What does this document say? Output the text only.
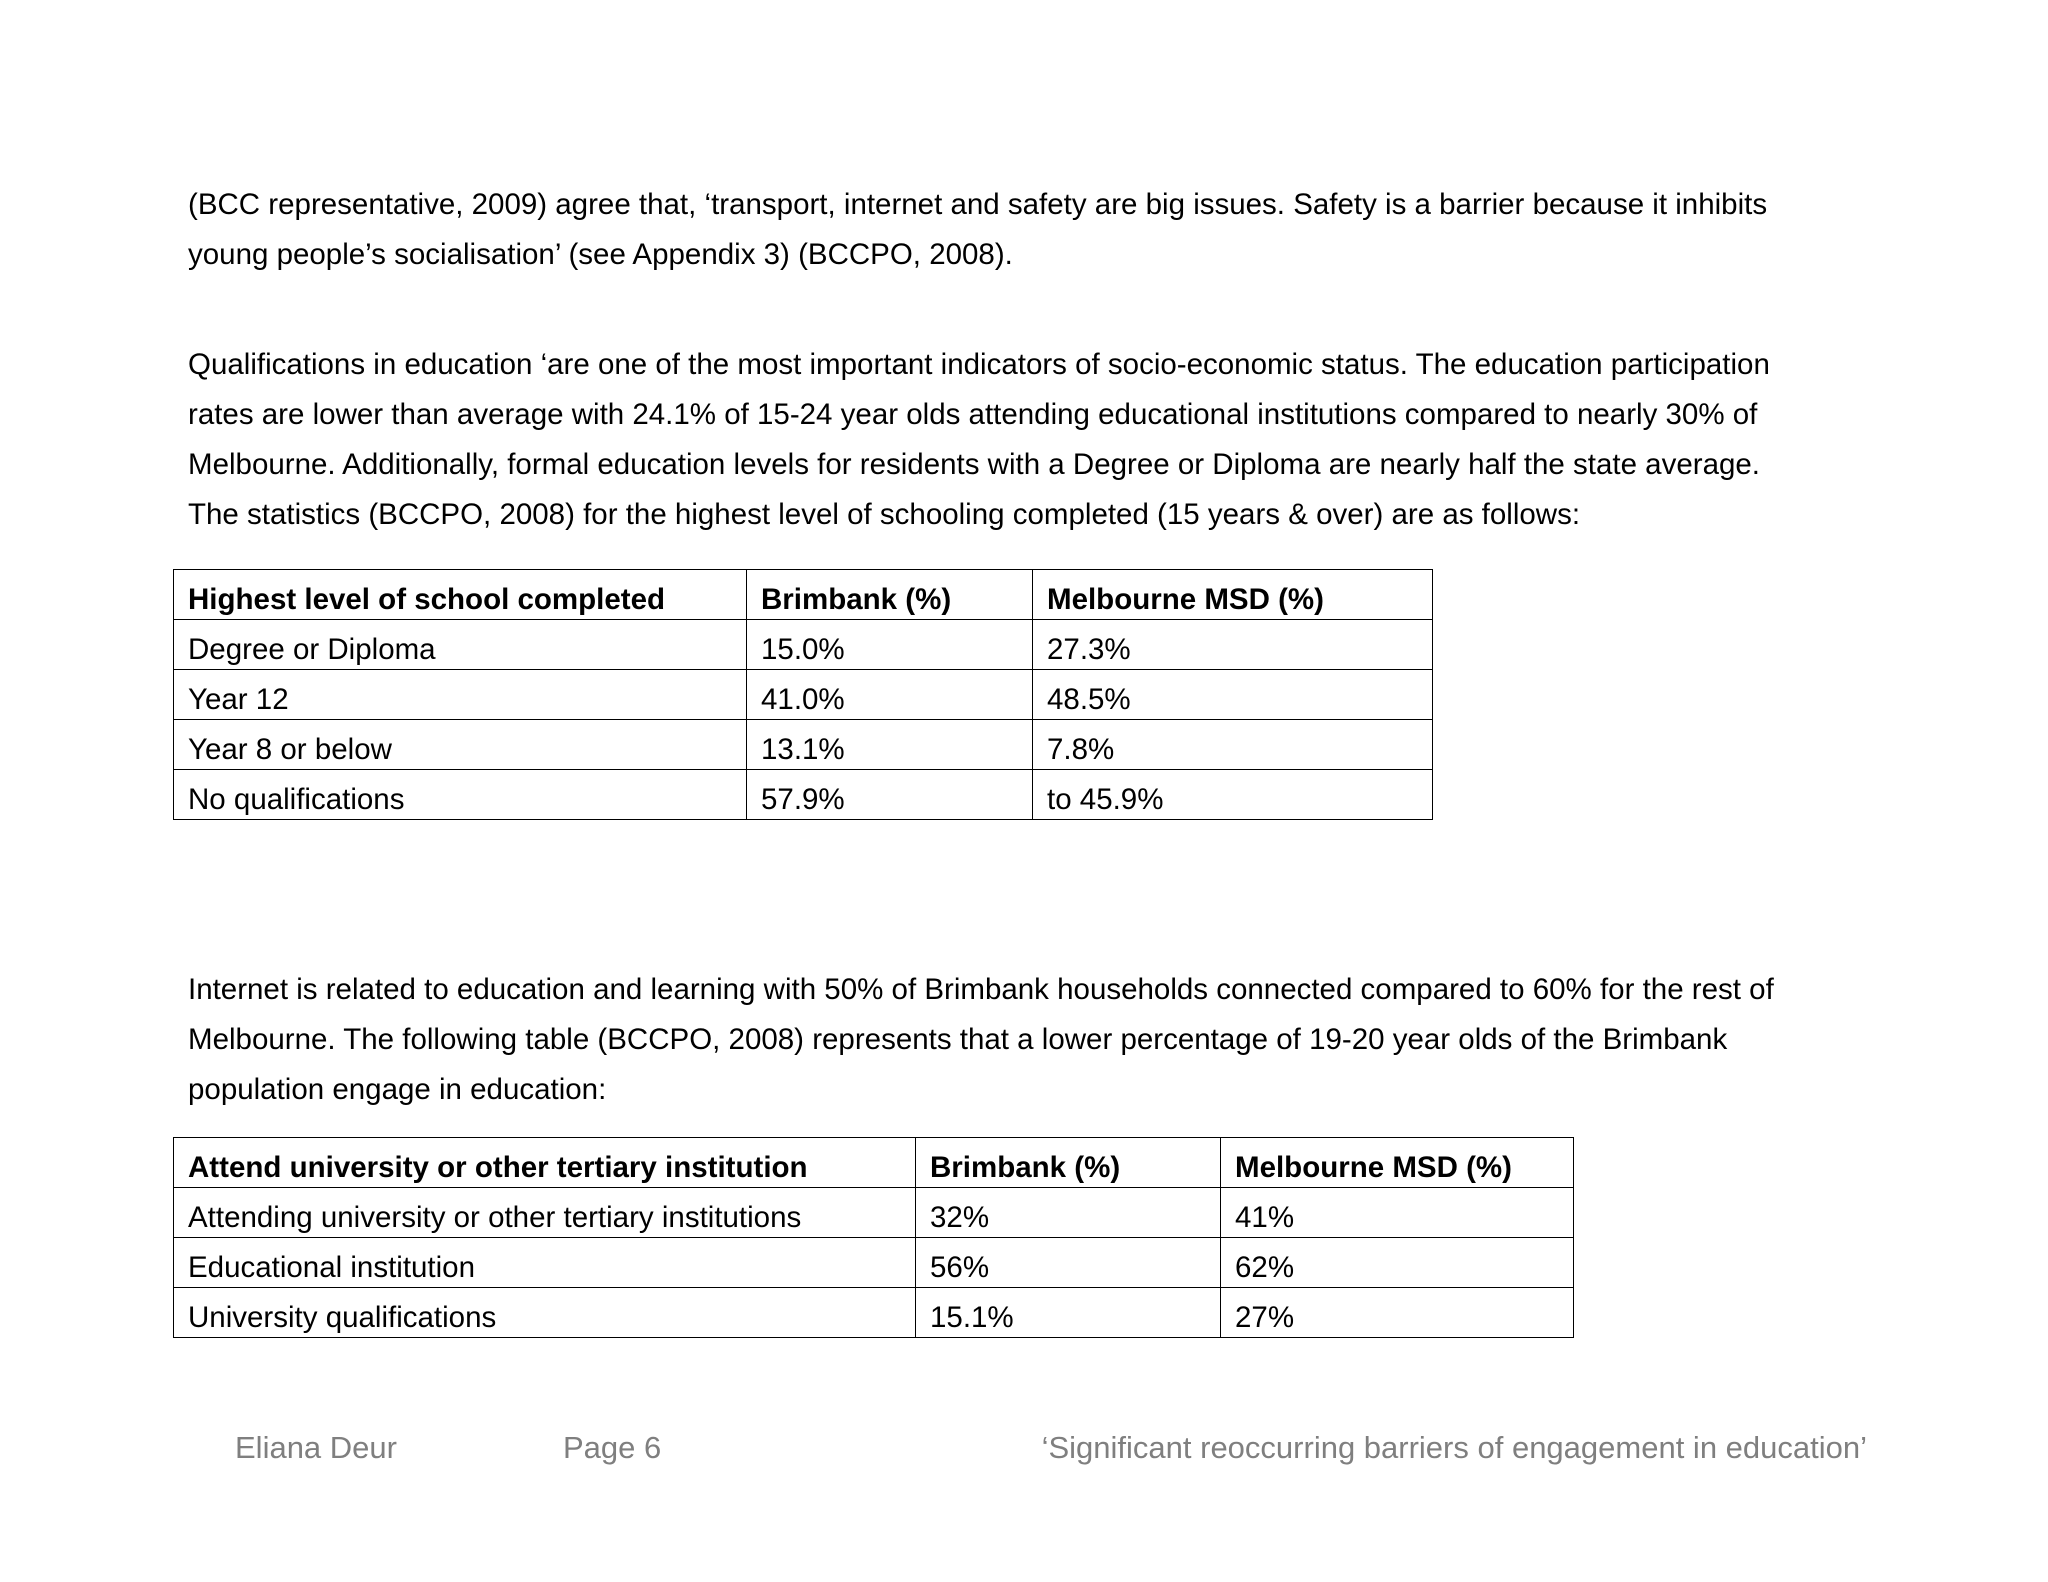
(BCC representative, 2009) agree that, ‘transport, internet and safety are big issues. Safety is a barrier because it inhibits
young people’s socialisation’ (see Appendix 3) (BCCPO, 2008).

Qualifications in education ‘are one of the most important indicators of socio-economic status. The education participation
rates are lower than average with 24.1% of 15-24 year olds attending educational institutions compared to nearly 30% of
Melbourne. Additionally, formal education levels for residents with a Degree or Diploma are nearly half the state average.
The statistics (BCCPO, 2008) for the highest level of schooling completed (15 years & over) are as follows:

Highest level of school completed	Brimbank (%)	Melbourne MSD (%)
Degree or Diploma	15.0%	27.3%
Year 12	41.0%	48.5%
Year 8 or below	13.1%	7.8%
No qualifications	57.9%	to 45.9%

Internet is related to education and learning with 50% of Brimbank households connected compared to 60% for the rest of
Melbourne. The following table (BCCPO, 2008) represents that a lower percentage of 19-20 year olds of the Brimbank
population engage in education:

Attend university or other tertiary institution	Brimbank (%)	Melbourne MSD (%)
Attending university or other tertiary institutions	32%	41%
Educational institution	56%	62%
University qualifications	15.1%	27%
Eliana Deur	Page 6	‘Significant reoccurring barriers of engagement in education’
